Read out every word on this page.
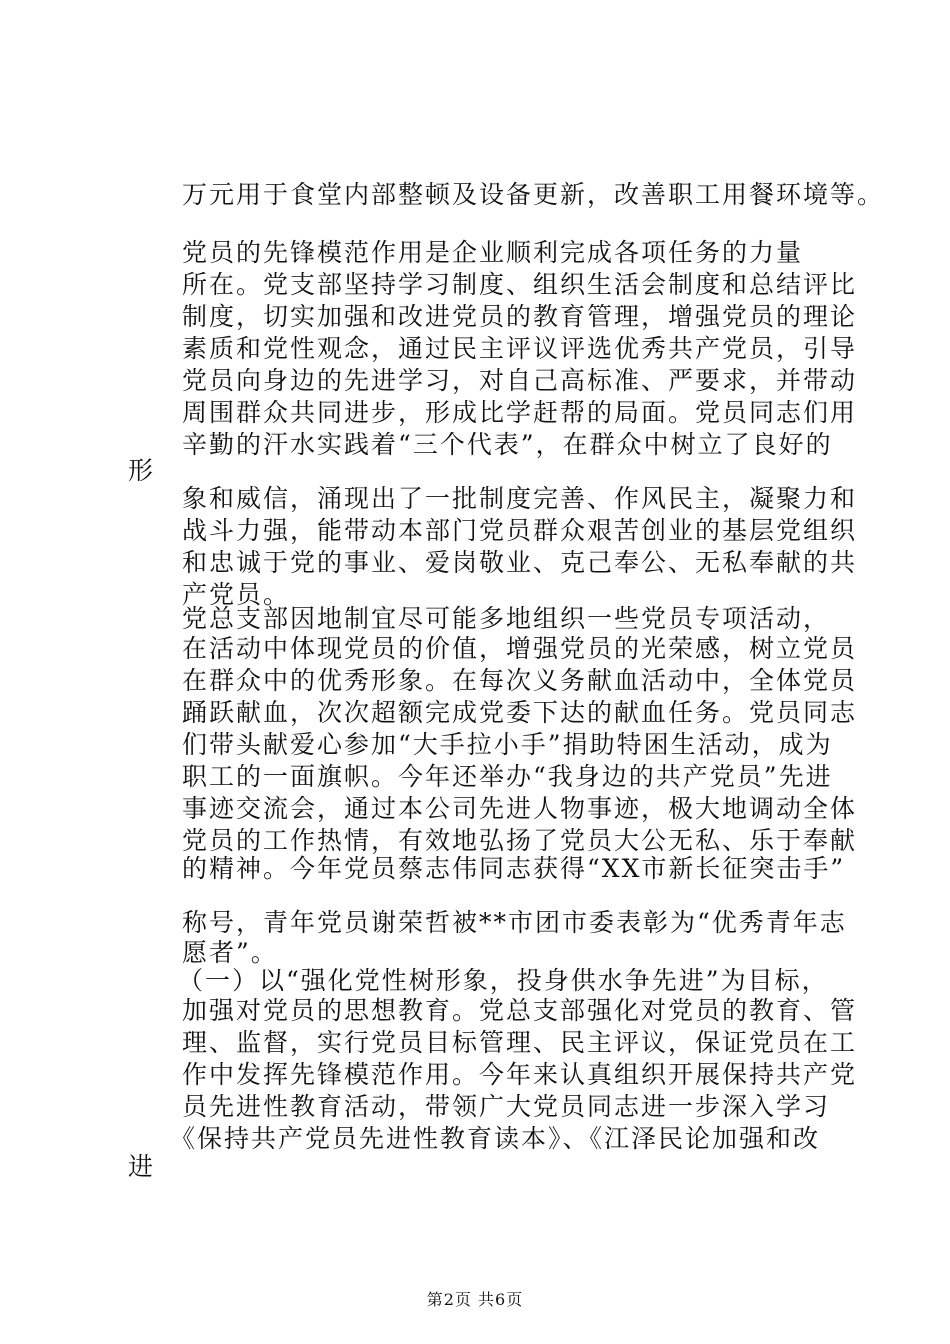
万元用于食堂内部整顿及设备更新，改善职工用餐环境等。
党员的先锋模范作用是企业顺利完成各项任务的力量
所在。党支部坚持学习制度、组织生活会制度和总结评比
制度，切实加强和改进党员的教育管理，增强党员的理论
素质和党性观念，通过民主评议评选优秀共产党员，引导
党员向身边的先进学习，对自己高标准、严要求，并带动
周围群众共同进步，形成比学赶帮的局面。党员同志们用
辛勤的汗水实践着“三个代表”，在群众中树立了良好的
形
象和威信，涌现出了一批制度完善、作风民主，凝聚力和
战斗力强，能带动本部门党员群众艰苦创业的基层党组织
和忠诚于党的事业、爱岗敬业、克己奉公、无私奉献的共
产党员。
党总支部因地制宜尽可能多地组织一些党员专项活动，
在活动中体现党员的价值，增强党员的光荣感，树立党员
在群众中的优秀形象。在每次义务献血活动中，全体党员
踊跃献血，次次超额完成党委下达的献血任务。党员同志
们带头献爱心参加“大手拉小手”捐助特困生活动，成为
职工的一面旗帜。今年还举办“我身边的共产党员”先进
事迹交流会，通过本公司先进人物事迹，极大地调动全体
党员的工作热情，有效地弘扬了党员大公无私、乐于奉献
的精神。今年党员蔡志伟同志获得“XX市新长征突击手”
称号，青年党员谢荣哲被**市团市委表彰为“优秀青年志
愿者”。
（一）以“强化党性树形象，投身供水争先进”为目标，
加强对党员的思想教育。党总支部强化对党员的教育、管
理、监督，实行党员目标管理、民主评议，保证党员在工
作中发挥先锋模范作用。今年来认真组织开展保持共产党
员先进性教育活动，带领广大党员同志进一步深入学习
《保持共产党员先进性教育读本》、《江泽民论加强和改
进
第2页 共6页
